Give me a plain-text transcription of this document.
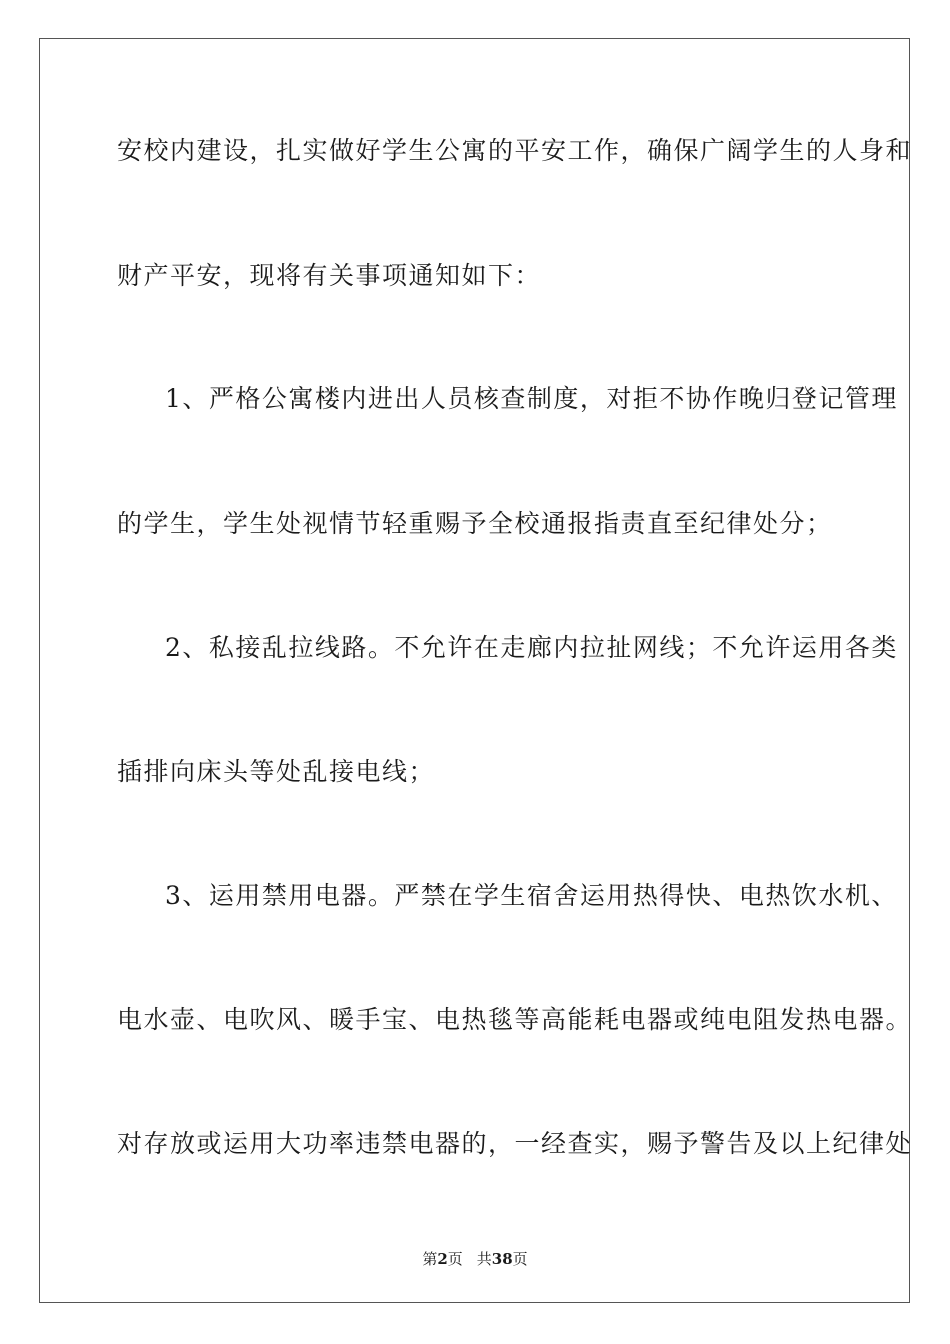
安校内建设，扎实做好学生公寓的平安工作，确保广阔学生的人身和
财产平安，现将有关事项通知如下：
1、严格公寓楼内进出人员核查制度，对拒不协作晚归登记管理
的学生，学生处视情节轻重赐予全校通报指责直至纪律处分；
2、私接乱拉线路。不允许在走廊内拉扯网线；不允许运用各类
插排向床头等处乱接电线；
3、运用禁用电器。严禁在学生宿舍运用热得快、电热饮水机、
电水壶、电吹风、暖手宝、电热毯等高能耗电器或纯电阻发热电器。
对存放或运用大功率违禁电器的，一经查实，赐予警告及以上纪律处
第2页 共38页
